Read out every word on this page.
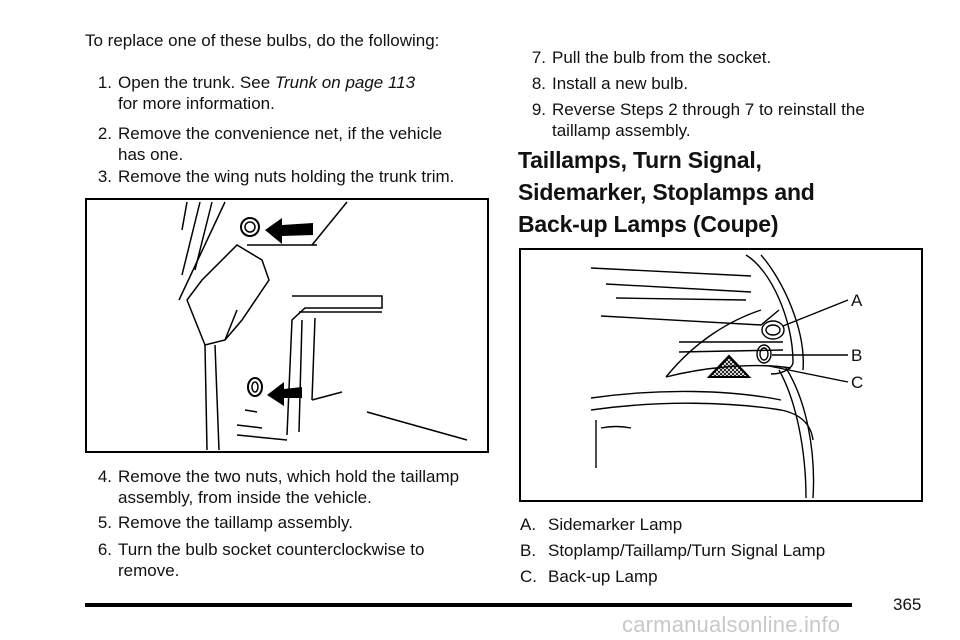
To replace one of these bulbs, do the following:
1. Open the trunk. See Trunk on page 113
for more information.
2. Remove the convenience net, if the vehicle
has one.
3. Remove the wing nuts holding the trunk trim.
4. Remove the two nuts, which hold the taillamp
assembly, from inside the vehicle.
5. Remove the taillamp assembly.
6. Turn the bulb socket counterclockwise to
remove.
7. Pull the bulb from the socket.
8. Install a new bulb.
9. Reverse Steps 2 through 7 to reinstall the
taillamp assembly.
Taillamps, Turn Signal,
Sidemarker, Stoplamps and
Back-up Lamps (Coupe)
A
B
C
A. Sidemarker Lamp
B. Stoplamp/Taillamp/Turn Signal Lamp
C. Back-up Lamp
365
carmanualsonline.info
